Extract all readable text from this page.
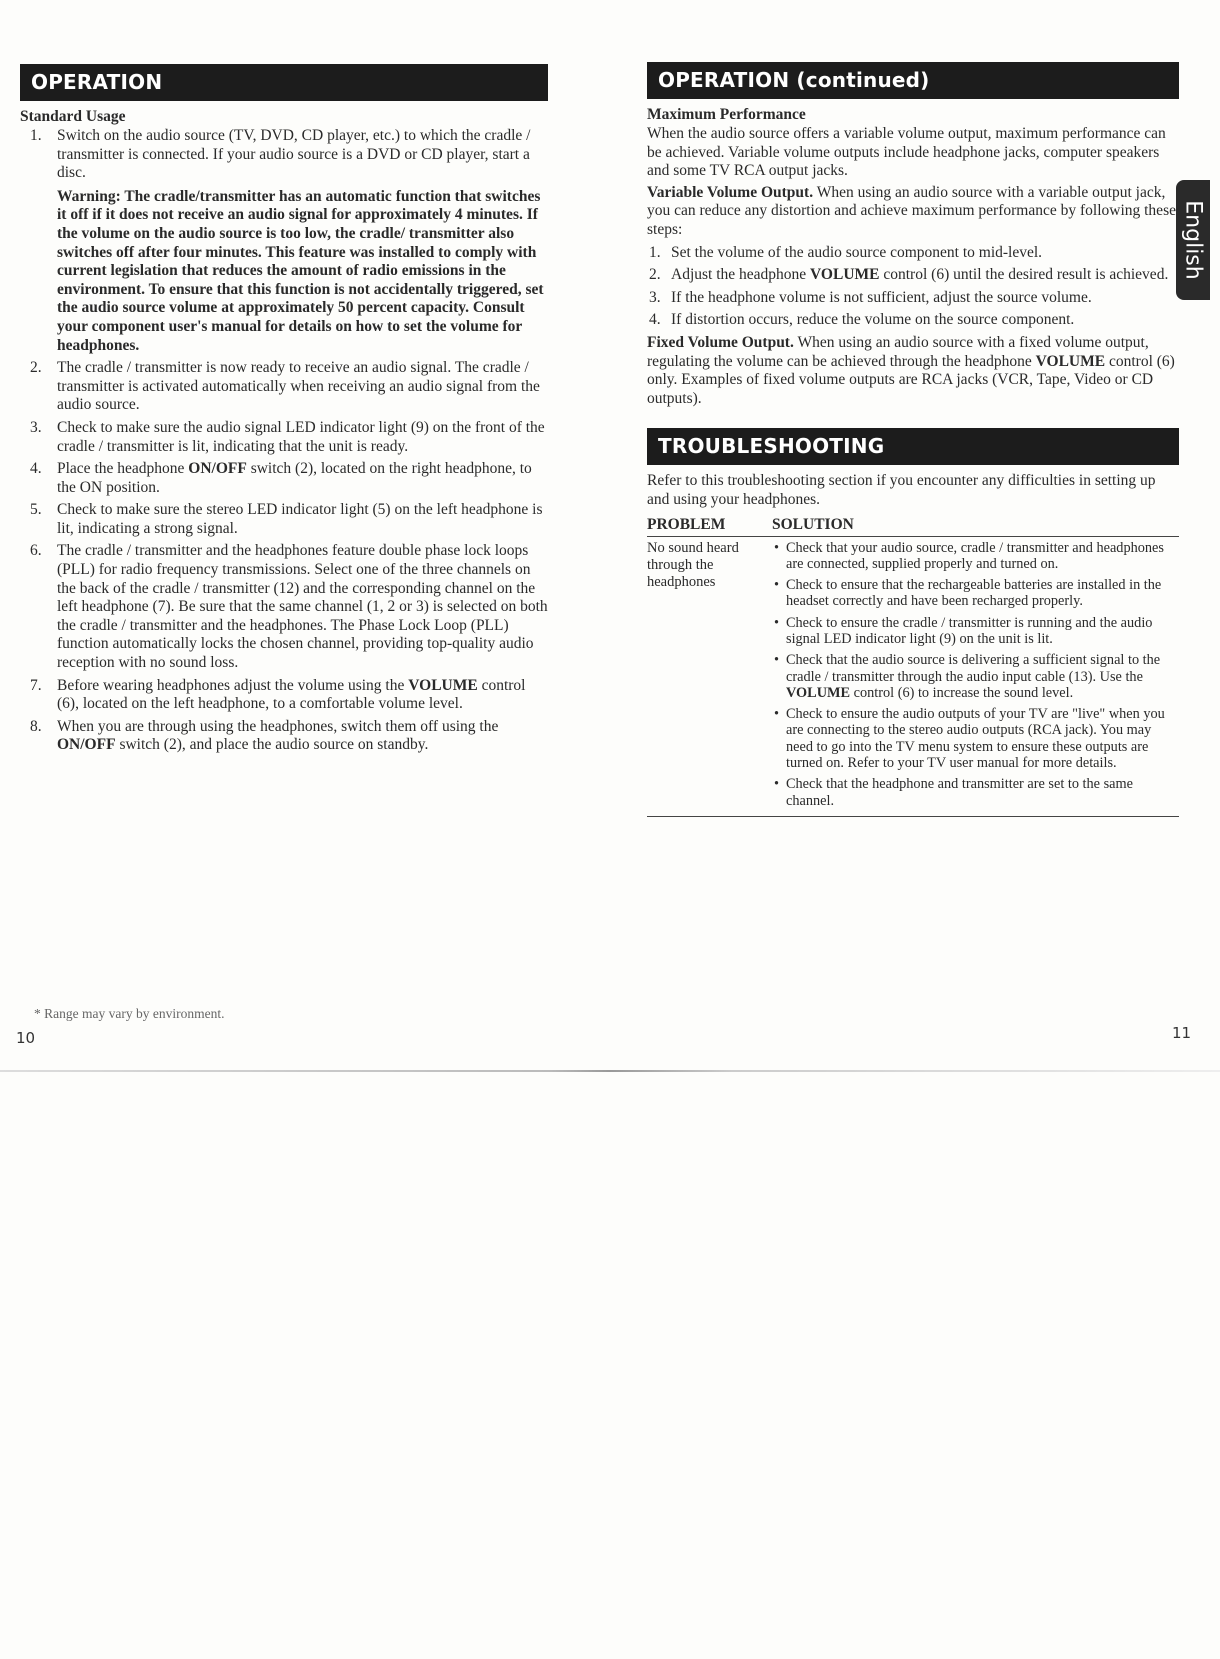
OPERATION
Standard Usage
1. Switch on the audio source (TV, DVD, CD player, etc.) to which the cradle / transmitter is connected. If your audio source is a DVD or CD player, start a disc.

Warning: The cradle/transmitter has an automatic function that switches it off if it does not receive an audio signal for approximately 4 minutes. If the volume on the audio source is too low, the cradle/ transmitter also switches off after four minutes. This feature was installed to comply with current legislation that reduces the amount of radio emissions in the environment. To ensure that this function is not accidentally triggered, set the audio source volume at approximately 50 percent capacity. Consult your component user's manual for details on how to set the volume for headphones.

2. The cradle / transmitter is now ready to receive an audio signal. The cradle / transmitter is activated automatically when receiving an audio signal from the audio source.
3. Check to make sure the audio signal LED indicator light (9) on the front of the cradle / transmitter is lit, indicating that the unit is ready.
4. Place the headphone ON/OFF switch (2), located on the right headphone, to the ON position.
5. Check to make sure the stereo LED indicator light (5) on the left headphone is lit, indicating a strong signal.
6. The cradle / transmitter and the headphones feature double phase lock loops (PLL) for radio frequency transmissions. Select one of the three channels on the back of the cradle / transmitter (12) and the corresponding channel on the left headphone (7). Be sure that the same channel (1, 2 or 3) is selected on both the cradle / transmitter and the headphones. The Phase Lock Loop (PLL) function automatically locks the chosen channel, providing top-quality audio reception with no sound loss.
7. Before wearing headphones adjust the volume using the VOLUME control (6), located on the left headphone, to a comfortable volume level.
8. When you are through using the headphones, switch them off using the ON/OFF switch (2), and place the audio source on standby.
OPERATION (continued)
Maximum Performance

When the audio source offers a variable volume output, maximum performance can be achieved. Variable volume outputs include headphone jacks, computer speakers and some TV RCA output jacks.

Variable Volume Output. When using an audio source with a variable output jack, you can reduce any distortion and achieve maximum performance by following these steps:

1. Set the volume of the audio source component to mid-level.
2. Adjust the headphone VOLUME control (6) until the desired result is achieved.
3. If the headphone volume is not sufficient, adjust the source volume.
4. If distortion occurs, reduce the volume on the source component.

Fixed Volume Output. When using an audio source with a fixed volume output, regulating the volume can be achieved through the headphone VOLUME control (6) only. Examples of fixed volume outputs are RCA jacks (VCR, Tape, Video or CD outputs).

TROUBLESHOOTING

Refer to this troubleshooting section if you encounter any difficulties in setting up and using your headphones.

PROBLEM	SOLUTION
No sound heard through the headphones
• Check that your audio source, cradle / transmitter and headphones are connected, supplied properly and turned on.
• Check to ensure that the rechargeable batteries are installed in the headset correctly and have been recharged properly.
• Check to ensure the cradle / transmitter is running and the audio signal LED indicator light (9) on the unit is lit.
• Check that the audio source is delivering a sufficient signal to the cradle / transmitter through the audio input cable (13). Use the VOLUME control (6) to increase the sound level.
• Check to ensure the audio outputs of your TV are "live" when you are connecting to the stereo audio outputs (RCA jack). You may need to go into the TV menu system to ensure these outputs are turned on. Refer to your TV user manual for more details.
• Check that the headphone and transmitter are set to the same channel.
English
* Range may vary by environment.
10	11
